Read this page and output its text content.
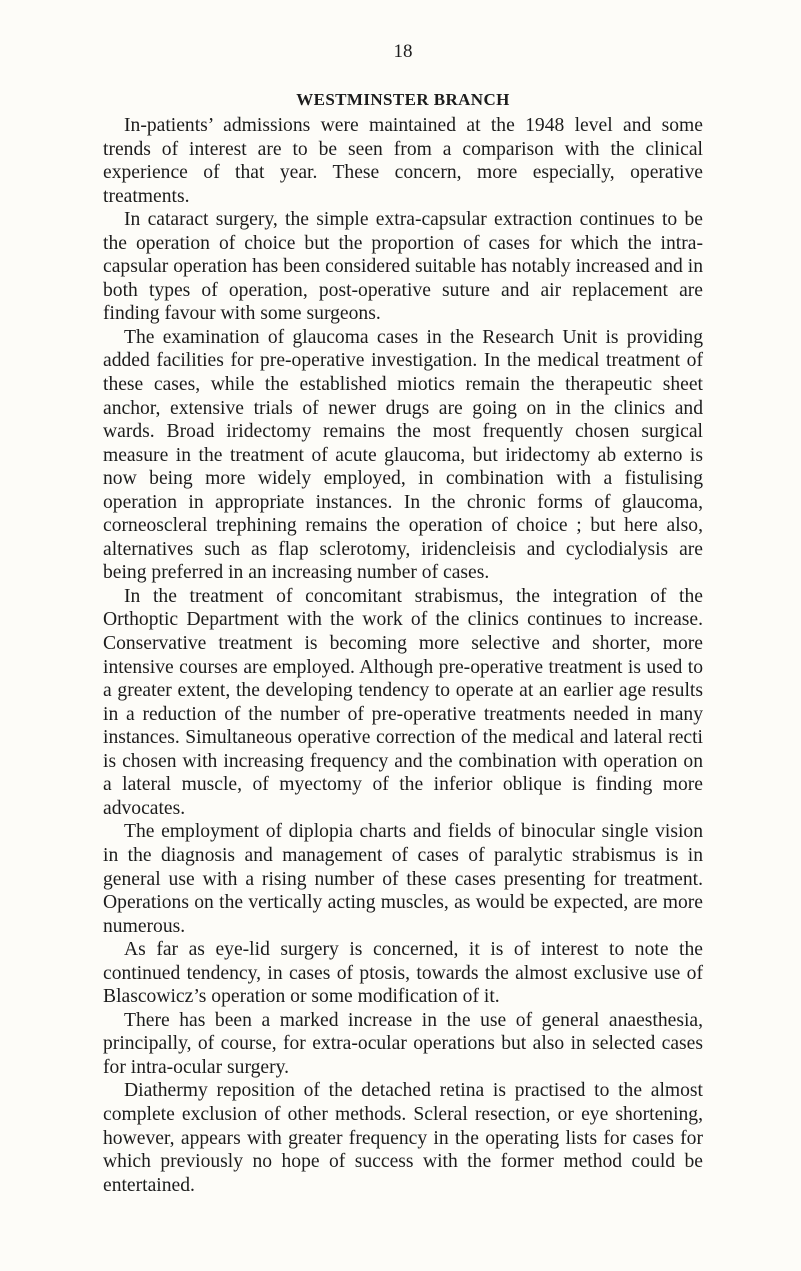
18
WESTMINSTER BRANCH

In-patients’ admissions were maintained at the 1948 level and some trends of interest are to be seen from a comparison with the clinical experience of that year. These concern, more especially, operative treatments.

In cataract surgery, the simple extra-capsular extraction continues to be the operation of choice but the proportion of cases for which the intra-capsular operation has been considered suitable has notably increased and in both types of operation, post-operative suture and air replacement are finding favour with some surgeons.

The examination of glaucoma cases in the Research Unit is providing added facilities for pre-operative investigation. In the medical treatment of these cases, while the established miotics remain the therapeutic sheet anchor, extensive trials of newer drugs are going on in the clinics and wards. Broad iridectomy remains the most frequently chosen surgical measure in the treatment of acute glaucoma, but iridectomy ab externo is now being more widely employed, in combination with a fistulising operation in appropriate instances. In the chronic forms of glaucoma, corneoscleral trephining remains the operation of choice ; but here also, alternatives such as flap sclerotomy, iridencleisis and cyclodialysis are being preferred in an increasing number of cases.

In the treatment of concomitant strabismus, the integration of the Orthoptic Department with the work of the clinics continues to increase. Conservative treatment is becoming more selective and shorter, more intensive courses are employed. Although pre-operative treatment is used to a greater extent, the developing tendency to operate at an earlier age results in a reduction of the number of pre-operative treatments needed in many instances. Simultaneous operative correction of the medical and lateral recti is chosen with increasing frequency and the combination with operation on a lateral muscle, of myectomy of the inferior oblique is finding more advocates.

The employment of diplopia charts and fields of binocular single vision in the diagnosis and management of cases of paralytic strabismus is in general use with a rising number of these cases presenting for treatment. Operations on the vertically acting muscles, as would be expected, are more numerous.

As far as eye-lid surgery is concerned, it is of interest to note the continued tendency, in cases of ptosis, towards the almost exclusive use of Blascowicz’s operation or some modification of it.

There has been a marked increase in the use of general anaesthesia, principally, of course, for extra-ocular operations but also in selected cases for intra-ocular surgery.

Diathermy reposition of the detached retina is practised to the almost complete exclusion of other methods. Scleral resection, or eye shortening, however, appears with greater frequency in the operating lists for cases for which previously no hope of success with the former method could be entertained.
